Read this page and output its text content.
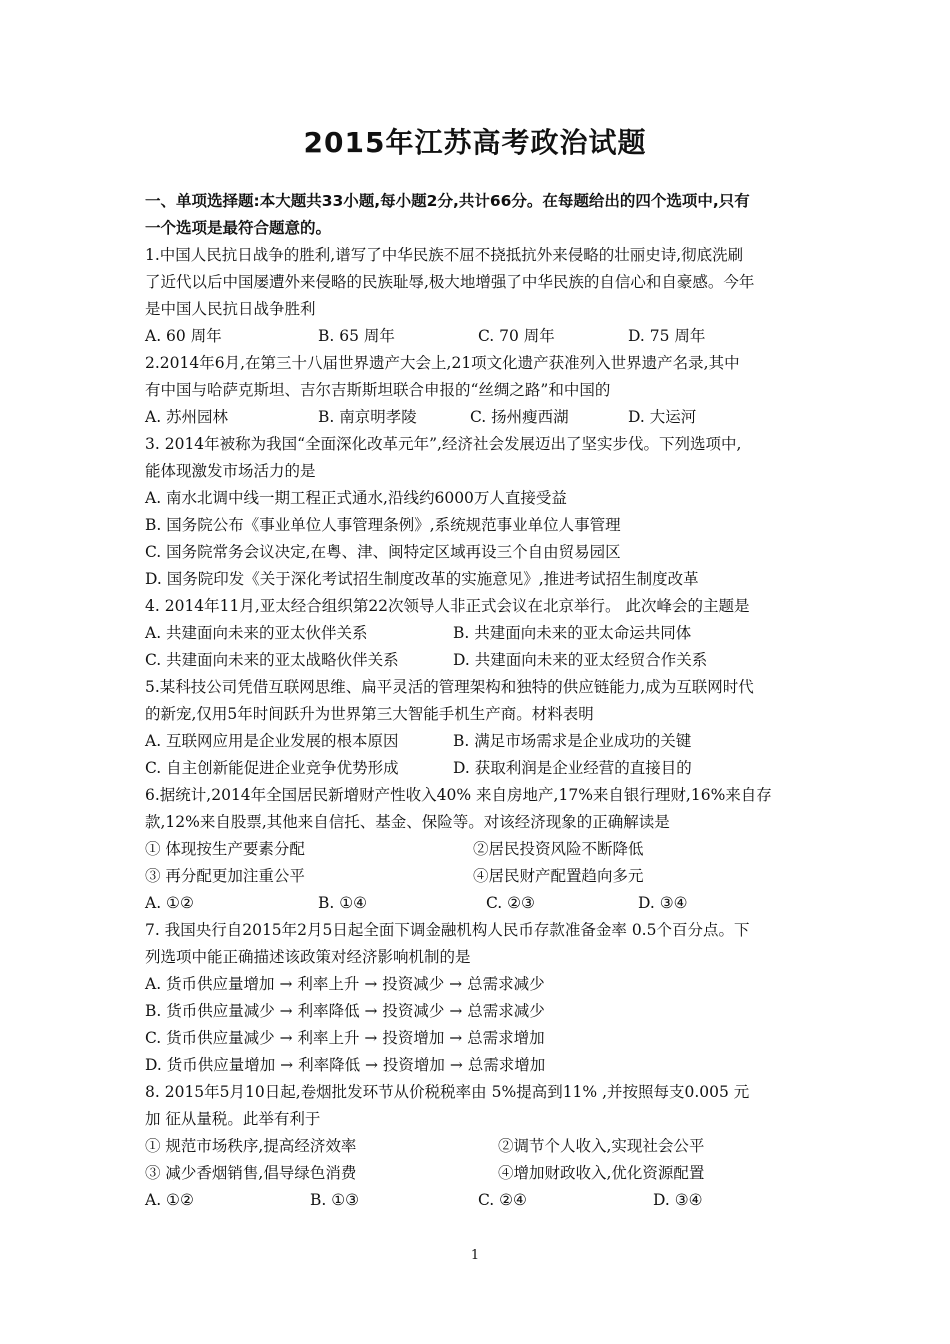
2015年江苏高考政治试题
一、单项选择题:本大题共33小题,每小题2分,共计66分。在每题给出的四个选项中,只有
一个选项是最符合题意的。
1.中国人民抗日战争的胜利,谱写了中华民族不屈不挠抵抗外来侵略的壮丽史诗,彻底洗刷
了近代以后中国屡遭外来侵略的民族耻辱,极大地增强了中华民族的自信心和自豪感。今年
是中国人民抗日战争胜利
A. 60 周年	B. 65 周年	C. 70 周年	D. 75 周年
2.2014年6月,在第三十八届世界遗产大会上,21项文化遗产获准列入世界遗产名录,其中
有中国与哈萨克斯坦、吉尔吉斯斯坦联合申报的“丝绸之路”和中国的
A. 苏州园林	B. 南京明孝陵	C. 扬州瘦西湖	D. 大运河
3. 2014年被称为我国“全面深化改革元年”,经济社会发展迈出了坚实步伐。下列选项中,
能体现激发市场活力的是
A. 南水北调中线一期工程正式通水,沿线约6000万人直接受益
B. 国务院公布《事业单位人事管理条例》,系统规范事业单位人事管理
C. 国务院常务会议决定,在粤、津、闽特定区域再设三个自由贸易园区
D. 国务院印发《关于深化考试招生制度改革的实施意见》,推进考试招生制度改革
4. 2014年11月,亚太经合组织第22次领导人非正式会议在北京举行。 此次峰会的主题是
A. 共建面向未来的亚太伙伴关系	B. 共建面向未来的亚太命运共同体
C. 共建面向未来的亚太战略伙伴关系	D. 共建面向未来的亚太经贸合作关系
5.某科技公司凭借互联网思维、扁平灵活的管理架构和独特的供应链能力,成为互联网时代
的新宠,仅用5年时间跃升为世界第三大智能手机生产商。材料表明
A. 互联网应用是企业发展的根本原因	B. 满足市场需求是企业成功的关键
C. 自主创新能促进企业竞争优势形成	D. 获取利润是企业经营的直接目的
6.据统计,2014年全国居民新增财产性收入40% 来自房地产,17%来自银行理财,16%来自存
款,12%来自股票,其他来自信托、基金、保险等。对该经济现象的正确解读是
① 体现按生产要素分配	②居民投资风险不断降低
③ 再分配更加注重公平	④居民财产配置趋向多元
A. ①②	B. ①④	C. ②③	D. ③④
7. 我国央行自2015年2月5日起全面下调金融机构人民币存款准备金率 0.5个百分点。下
列选项中能正确描述该政策对经济影响机制的是
A. 货币供应量增加 → 利率上升 → 投资减少 → 总需求减少
B. 货币供应量减少 → 利率降低 → 投资减少 → 总需求减少
C. 货币供应量减少 → 利率上升 → 投资增加 → 总需求增加
D. 货币供应量增加 → 利率降低 → 投资增加 → 总需求增加
8. 2015年5月10日起,卷烟批发环节从价税税率由 5%提高到11% ,并按照每支0.005 元
加 征从量税。此举有利于
① 规范市场秩序,提高经济效率	②调节个人收入,实现社会公平
③ 减少香烟销售,倡导绿色消费	④增加财政收入,优化资源配置
A. ①②	B. ①③	C. ②④	D. ③④
1
